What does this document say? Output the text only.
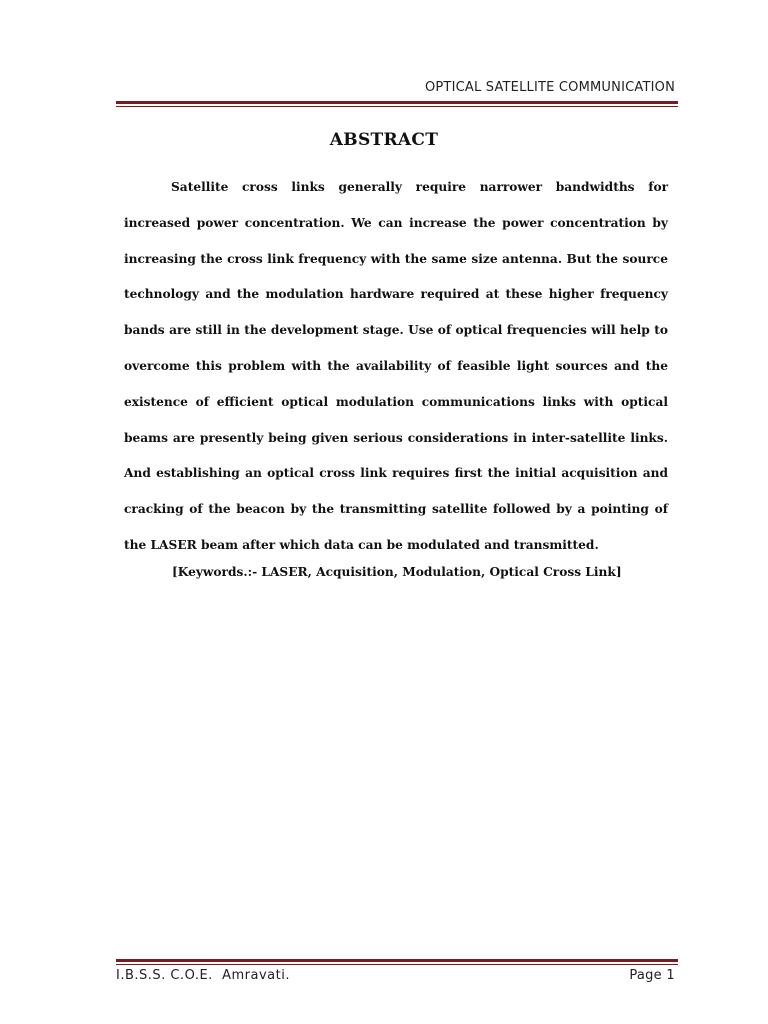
OPTICAL SATELLITE COMMUNICATION
ABSTRACT

Satellite cross links generally require narrower bandwidths for increased power concentration. We can increase the power concentration by increasing the cross link frequency with the same size antenna. But the source technology and the modulation hardware required at these higher frequency bands are still in the development stage. Use of optical frequencies will help to overcome this problem with the availability of feasible light sources and the existence of efficient optical modulation communications links with optical beams are presently being given serious considerations in inter-satellite links. And establishing an optical cross link requires first the initial acquisition and cracking of the beacon by the transmitting satellite followed by a pointing of the LASER beam after which data can be modulated and transmitted.

[Keywords.:- LASER, Acquisition, Modulation, Optical Cross Link]
I.B.S.S. C.O.E.  Amravati.	Page 1
